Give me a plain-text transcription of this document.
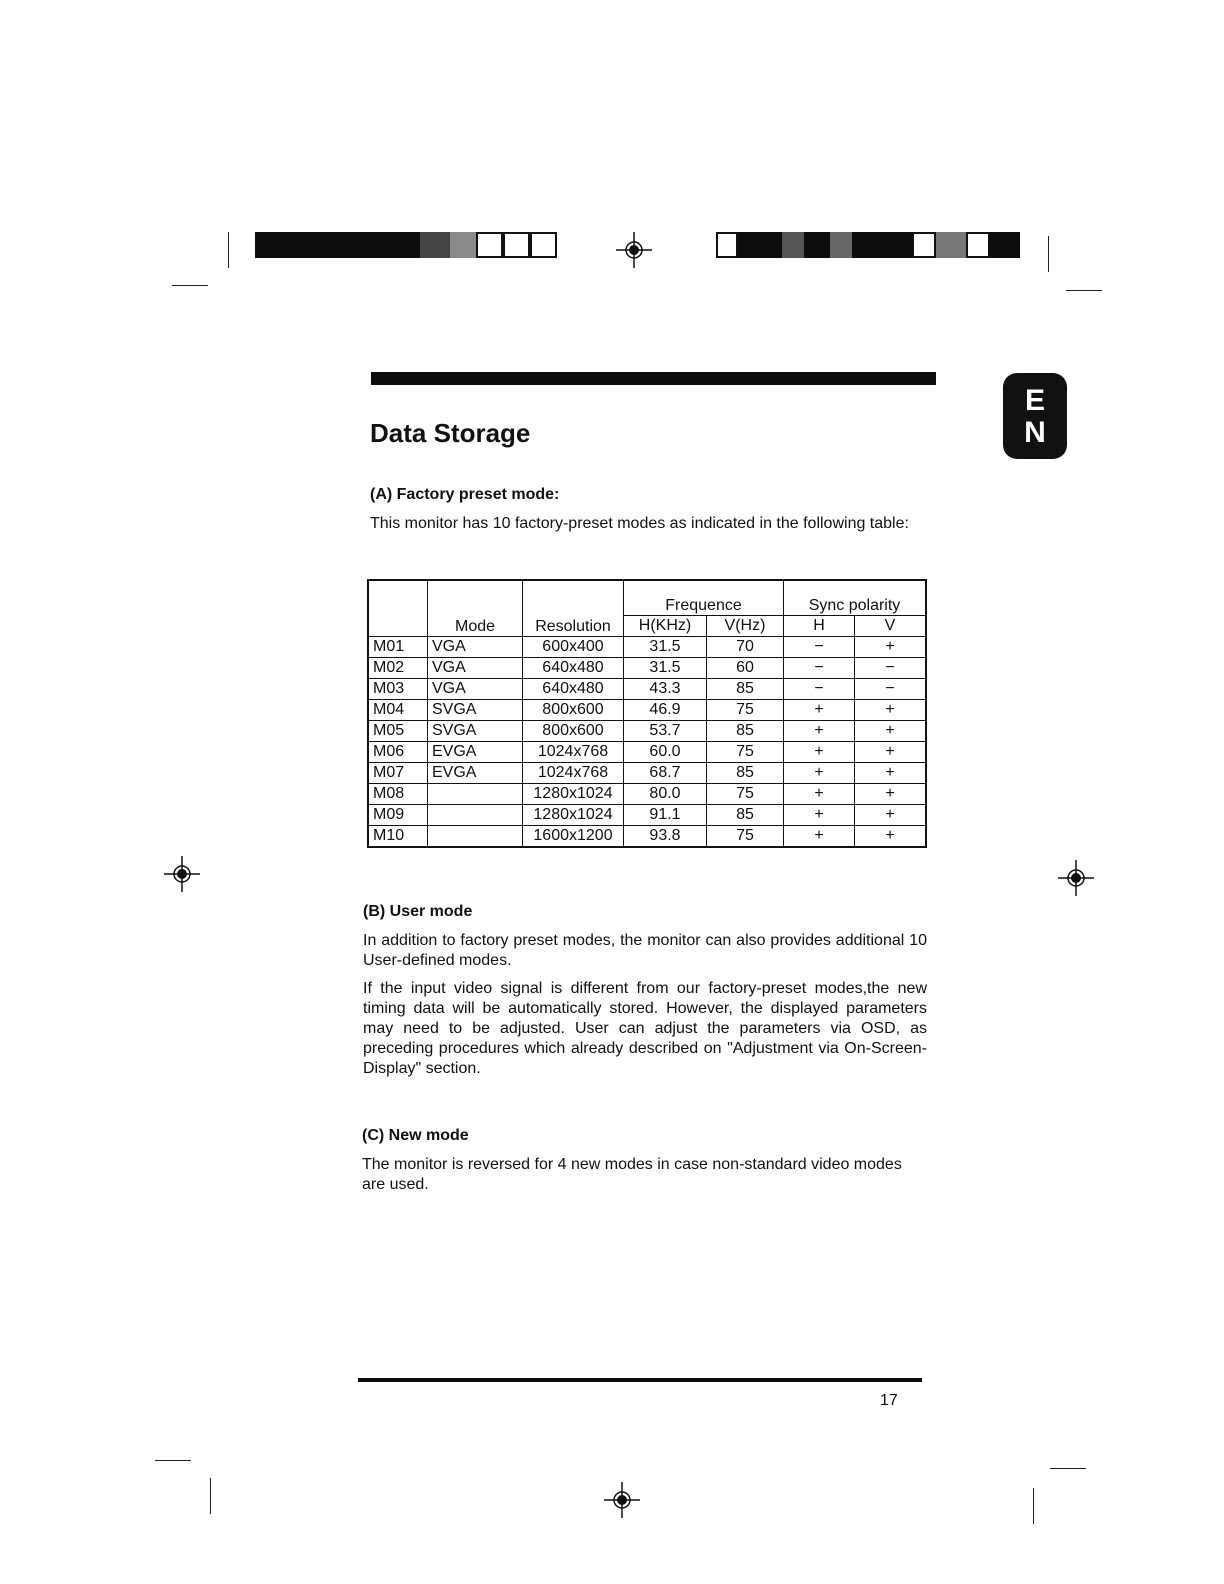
E
N
Data Storage

(A) Factory preset mode:

This monitor has 10 factory-preset modes as indicated in the following table:

	Mode	Resolution	Frequence		Sync polarity	
			H(KHz)	V(Hz)	H	V
M01	VGA	600x400	31.5	70	−	+
M02	VGA	640x480	31.5	60	−	−
M03	VGA	640x480	43.3	85	−	−
M04	SVGA	800x600	46.9	75	+	+
M05	SVGA	800x600	53.7	85	+	+
M06	EVGA	1024x768	60.0	75	+	+
M07	EVGA	1024x768	68.7	85	+	+
M08		1280x1024	80.0	75	+	+
M09		1280x1024	91.1	85	+	+
M10		1600x1200	93.8	75	+	+

(B) User mode

In addition to factory preset modes, the monitor can also provides additional 10 User-defined modes.

If the input video signal is different from our factory-preset modes,the new timing data will be automatically stored. However, the displayed parameters may need to be adjusted. User can adjust the parameters via OSD, as preceding procedures which already described on "Adjustment via On-Screen-Display" section.

(C) New mode

The monitor is reversed for 4 new modes in case non-standard video modes are used.

17
